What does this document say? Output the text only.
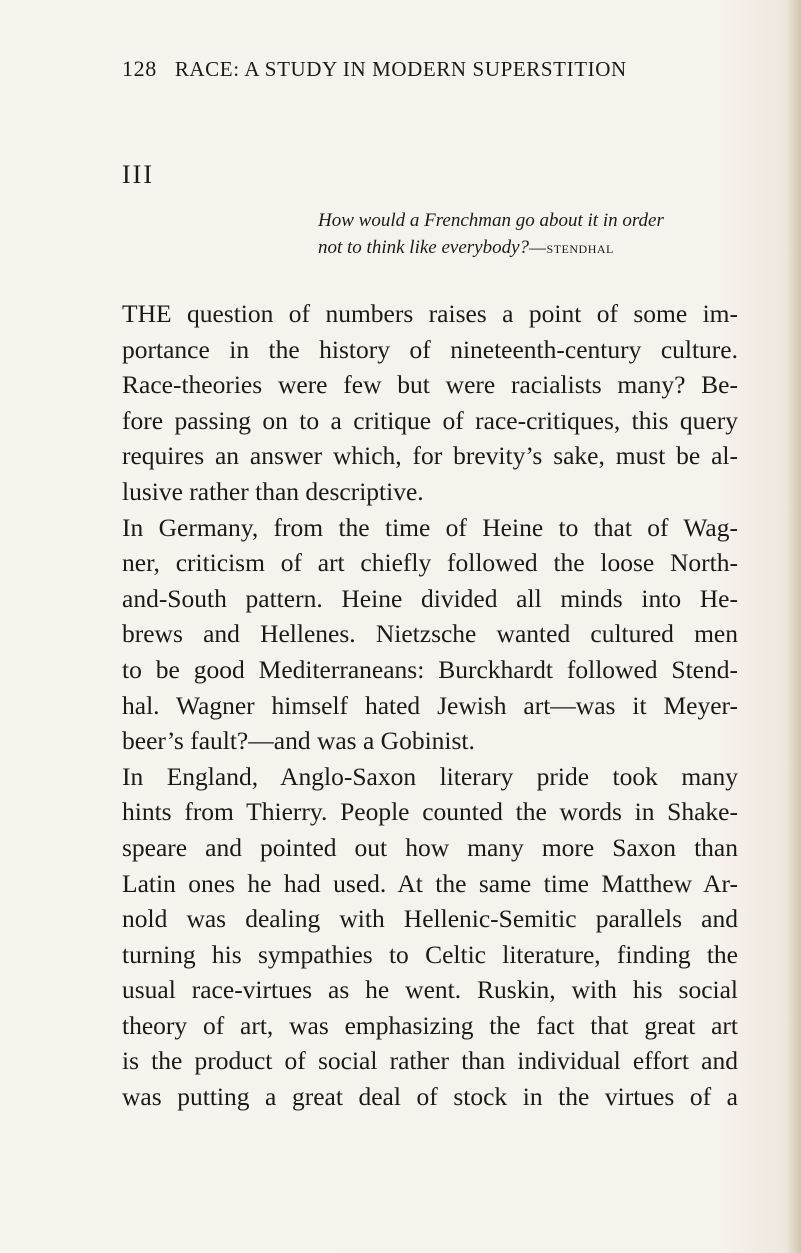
128 RACE: A STUDY IN MODERN SUPERSTITION
III
How would a Frenchman go about it in order
not to think like everybody?—stendhal

THE question of numbers raises a point of some im-
portance in the history of nineteenth-century culture.
Race-theories were few but were racialists many? Be-
fore passing on to a critique of race-critiques, this query
requires an answer which, for brevity’s sake, must be al-
lusive rather than descriptive.

In Germany, from the time of Heine to that of Wag-
ner, criticism of art chiefly followed the loose North-
and-South pattern. Heine divided all minds into He-
brews and Hellenes. Nietzsche wanted cultured men
to be good Mediterraneans: Burckhardt followed Stend-
hal. Wagner himself hated Jewish art—was it Meyer-
beer’s fault?—and was a Gobinist.

In England, Anglo-Saxon literary pride took many
hints from Thierry. People counted the words in Shake-
speare and pointed out how many more Saxon than
Latin ones he had used. At the same time Matthew Ar-
nold was dealing with Hellenic-Semitic parallels and
turning his sympathies to Celtic literature, finding the
usual race-virtues as he went. Ruskin, with his social
theory of art, was emphasizing the fact that great art
is the product of social rather than individual effort and
was putting a great deal of stock in the virtues of a
